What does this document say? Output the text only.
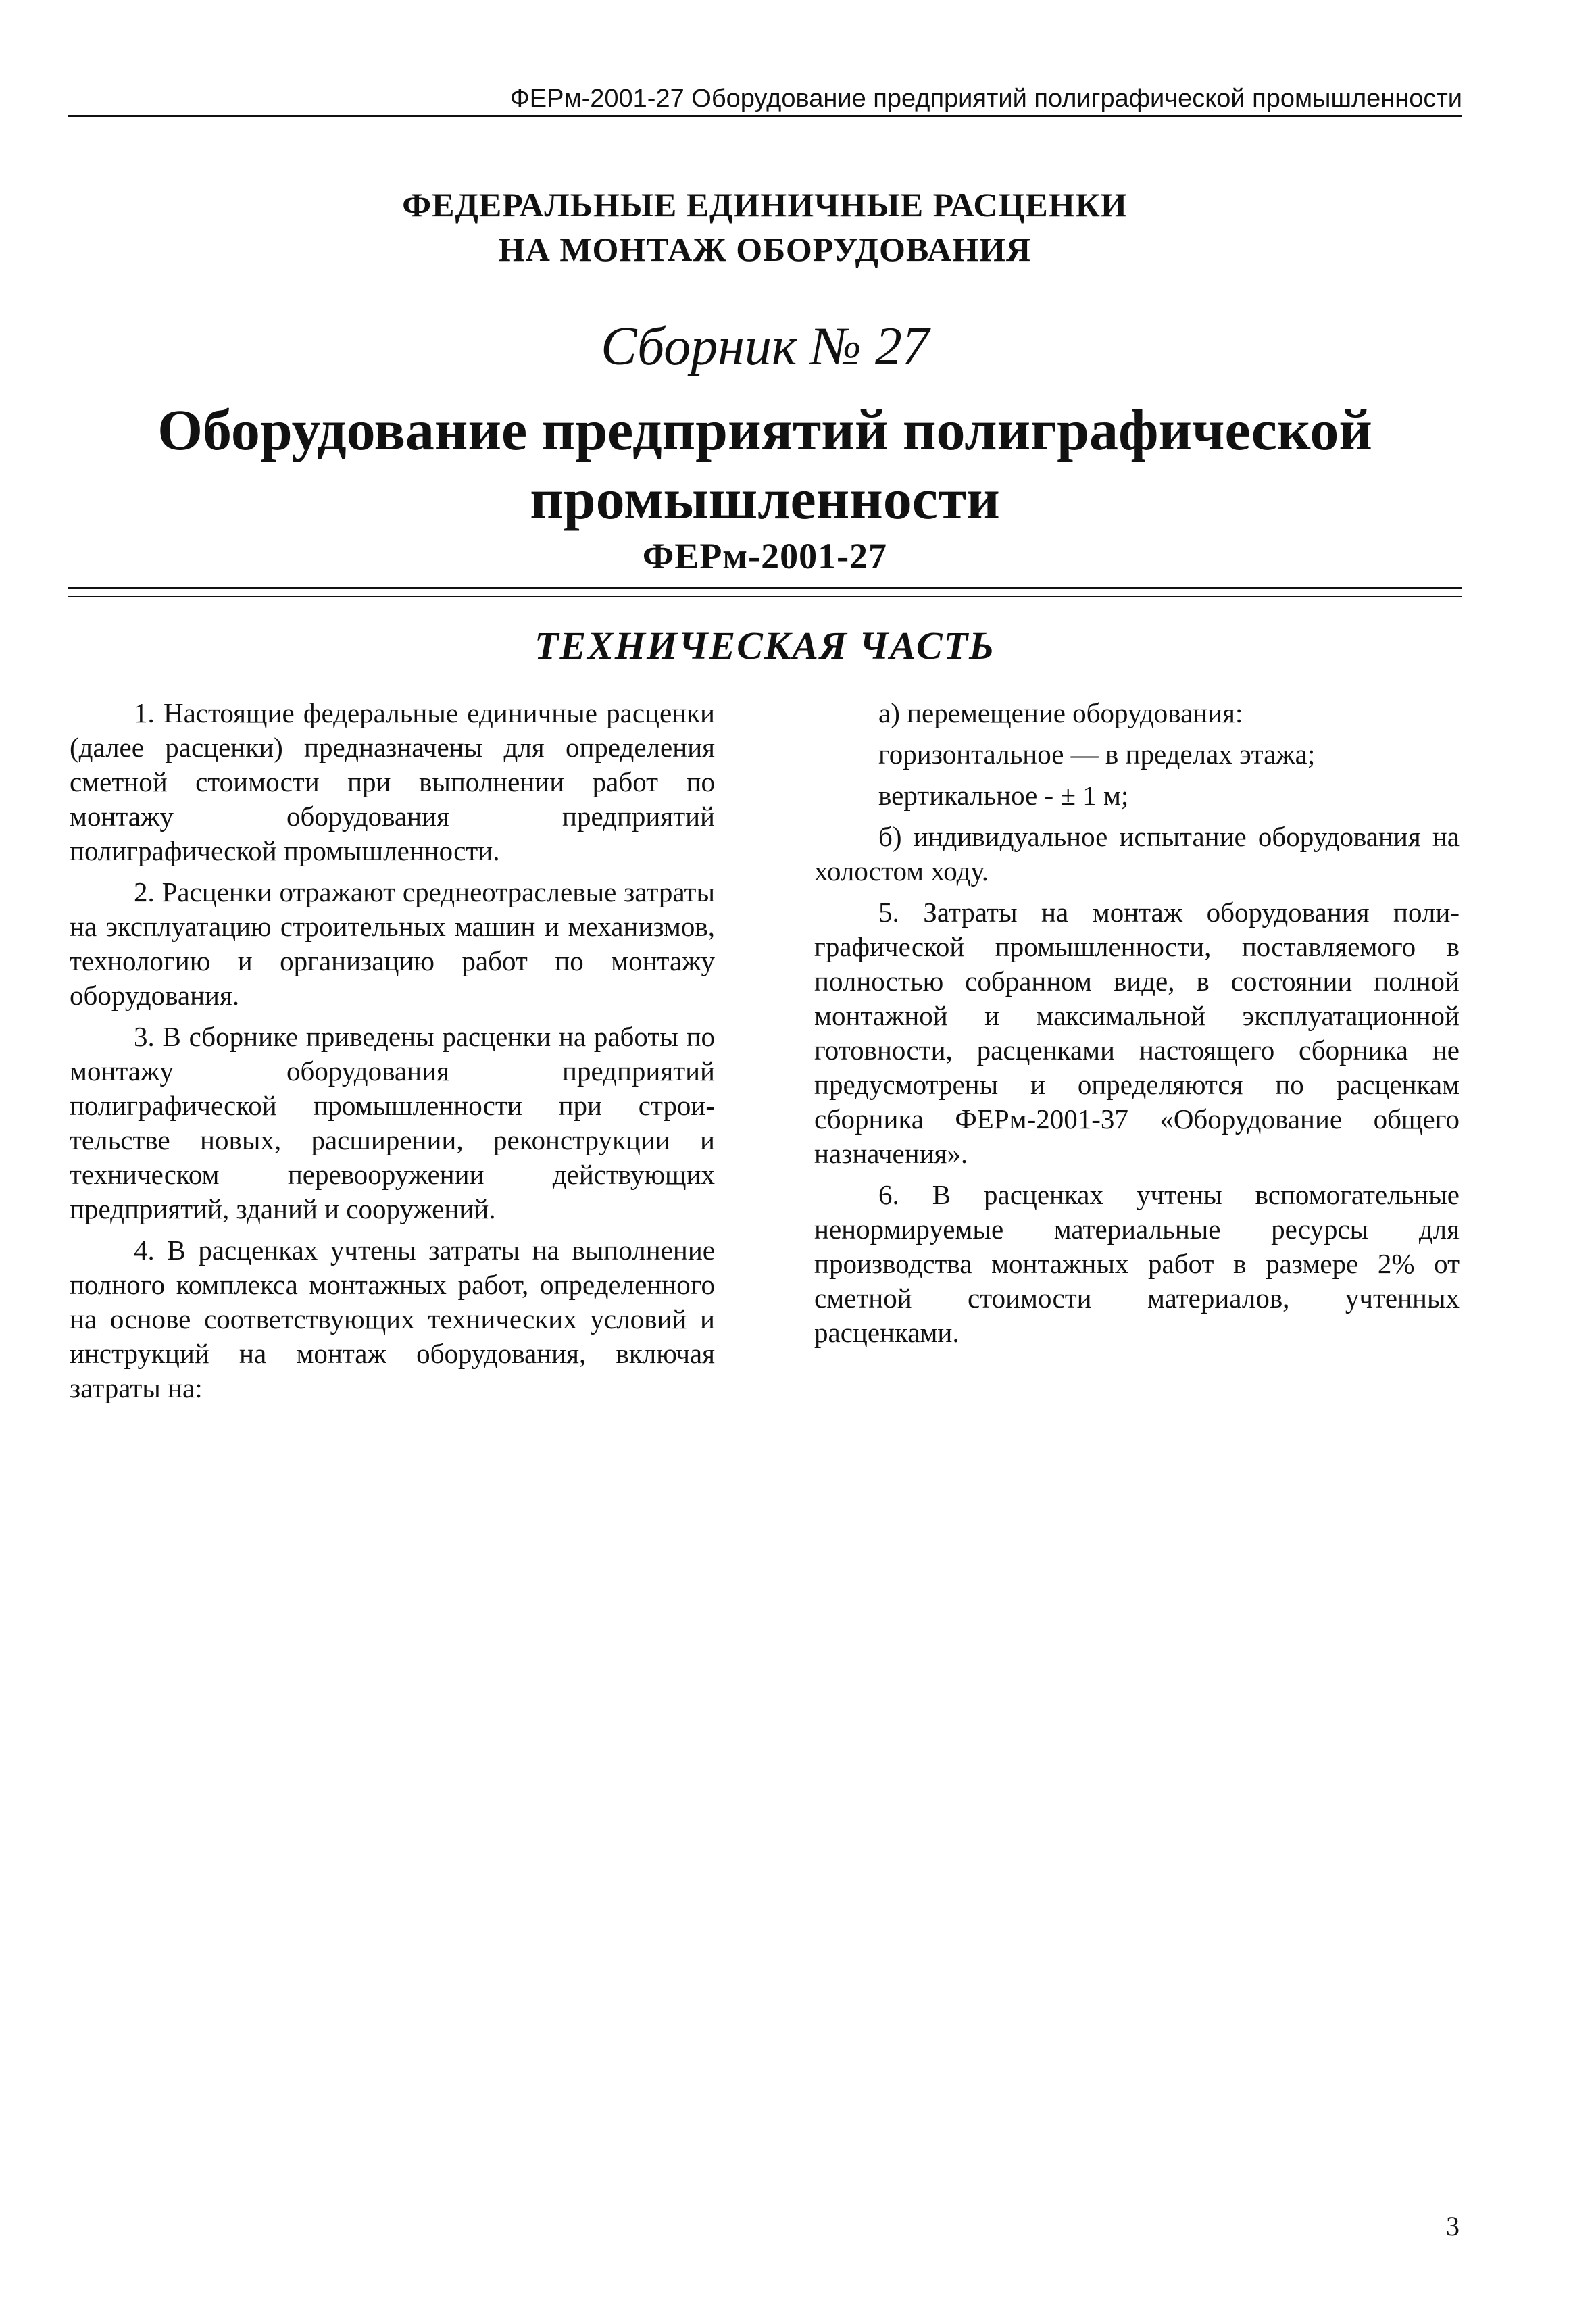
ФЕРм-2001-27 Оборудование предприятий полиграфической промышленности
ФЕДЕРАЛЬНЫЕ ЕДИНИЧНЫЕ РАСЦЕНКИ
НА МОНТАЖ ОБОРУДОВАНИЯ
Сборник № 27
Оборудование предприятий полиграфической
промышленности
ФЕРм-2001-27
ТЕХНИЧЕСКАЯ ЧАСТЬ

1. Настоящие федеральные единичные расценки (далее расценки) предназначены для определения сметной стоимости при выполнении работ по монтажу оборудования предприятий полиграфической промышленности.

2. Расценки отражают среднеотраслевые затраты на эксплуатацию строительных машин и механизмов, технологию и организацию работ по монтажу оборудования.

3. В сборнике приведены расценки на работы по монтажу оборудования предприятий полиграфической промышленности при строительстве новых, расширении, реконструкции и техническом перевооружении действующих предприятий, зданий и сооружений.

4. В расценках учтены затраты на выполнение полного комплекса монтажных работ, определенного на основе соответствующих технических условий и инструкций на монтаж оборудования, включая затраты на:

а) перемещение оборудования:

горизонтальное — в пределах этажа;

вертикальное - ± 1 м;

б) индивидуальное испытание оборудования на холостом ходу.

5. Затраты на монтаж оборудования полиграфической промышленности, поставляемого в полностью собранном виде, в состоянии полной монтажной и максимальной эксплуатационной готовности, расценками настоящего сборника не предусмотрены и определяются по расценкам сборника ФЕРм-2001-37 «Оборудование общего назначения».

6. В расценках учтены вспомогательные ненормируемые материальные ресурсы для производства монтажных работ в размере 2% от сметной стоимости материалов, учтенных расценками.

3
